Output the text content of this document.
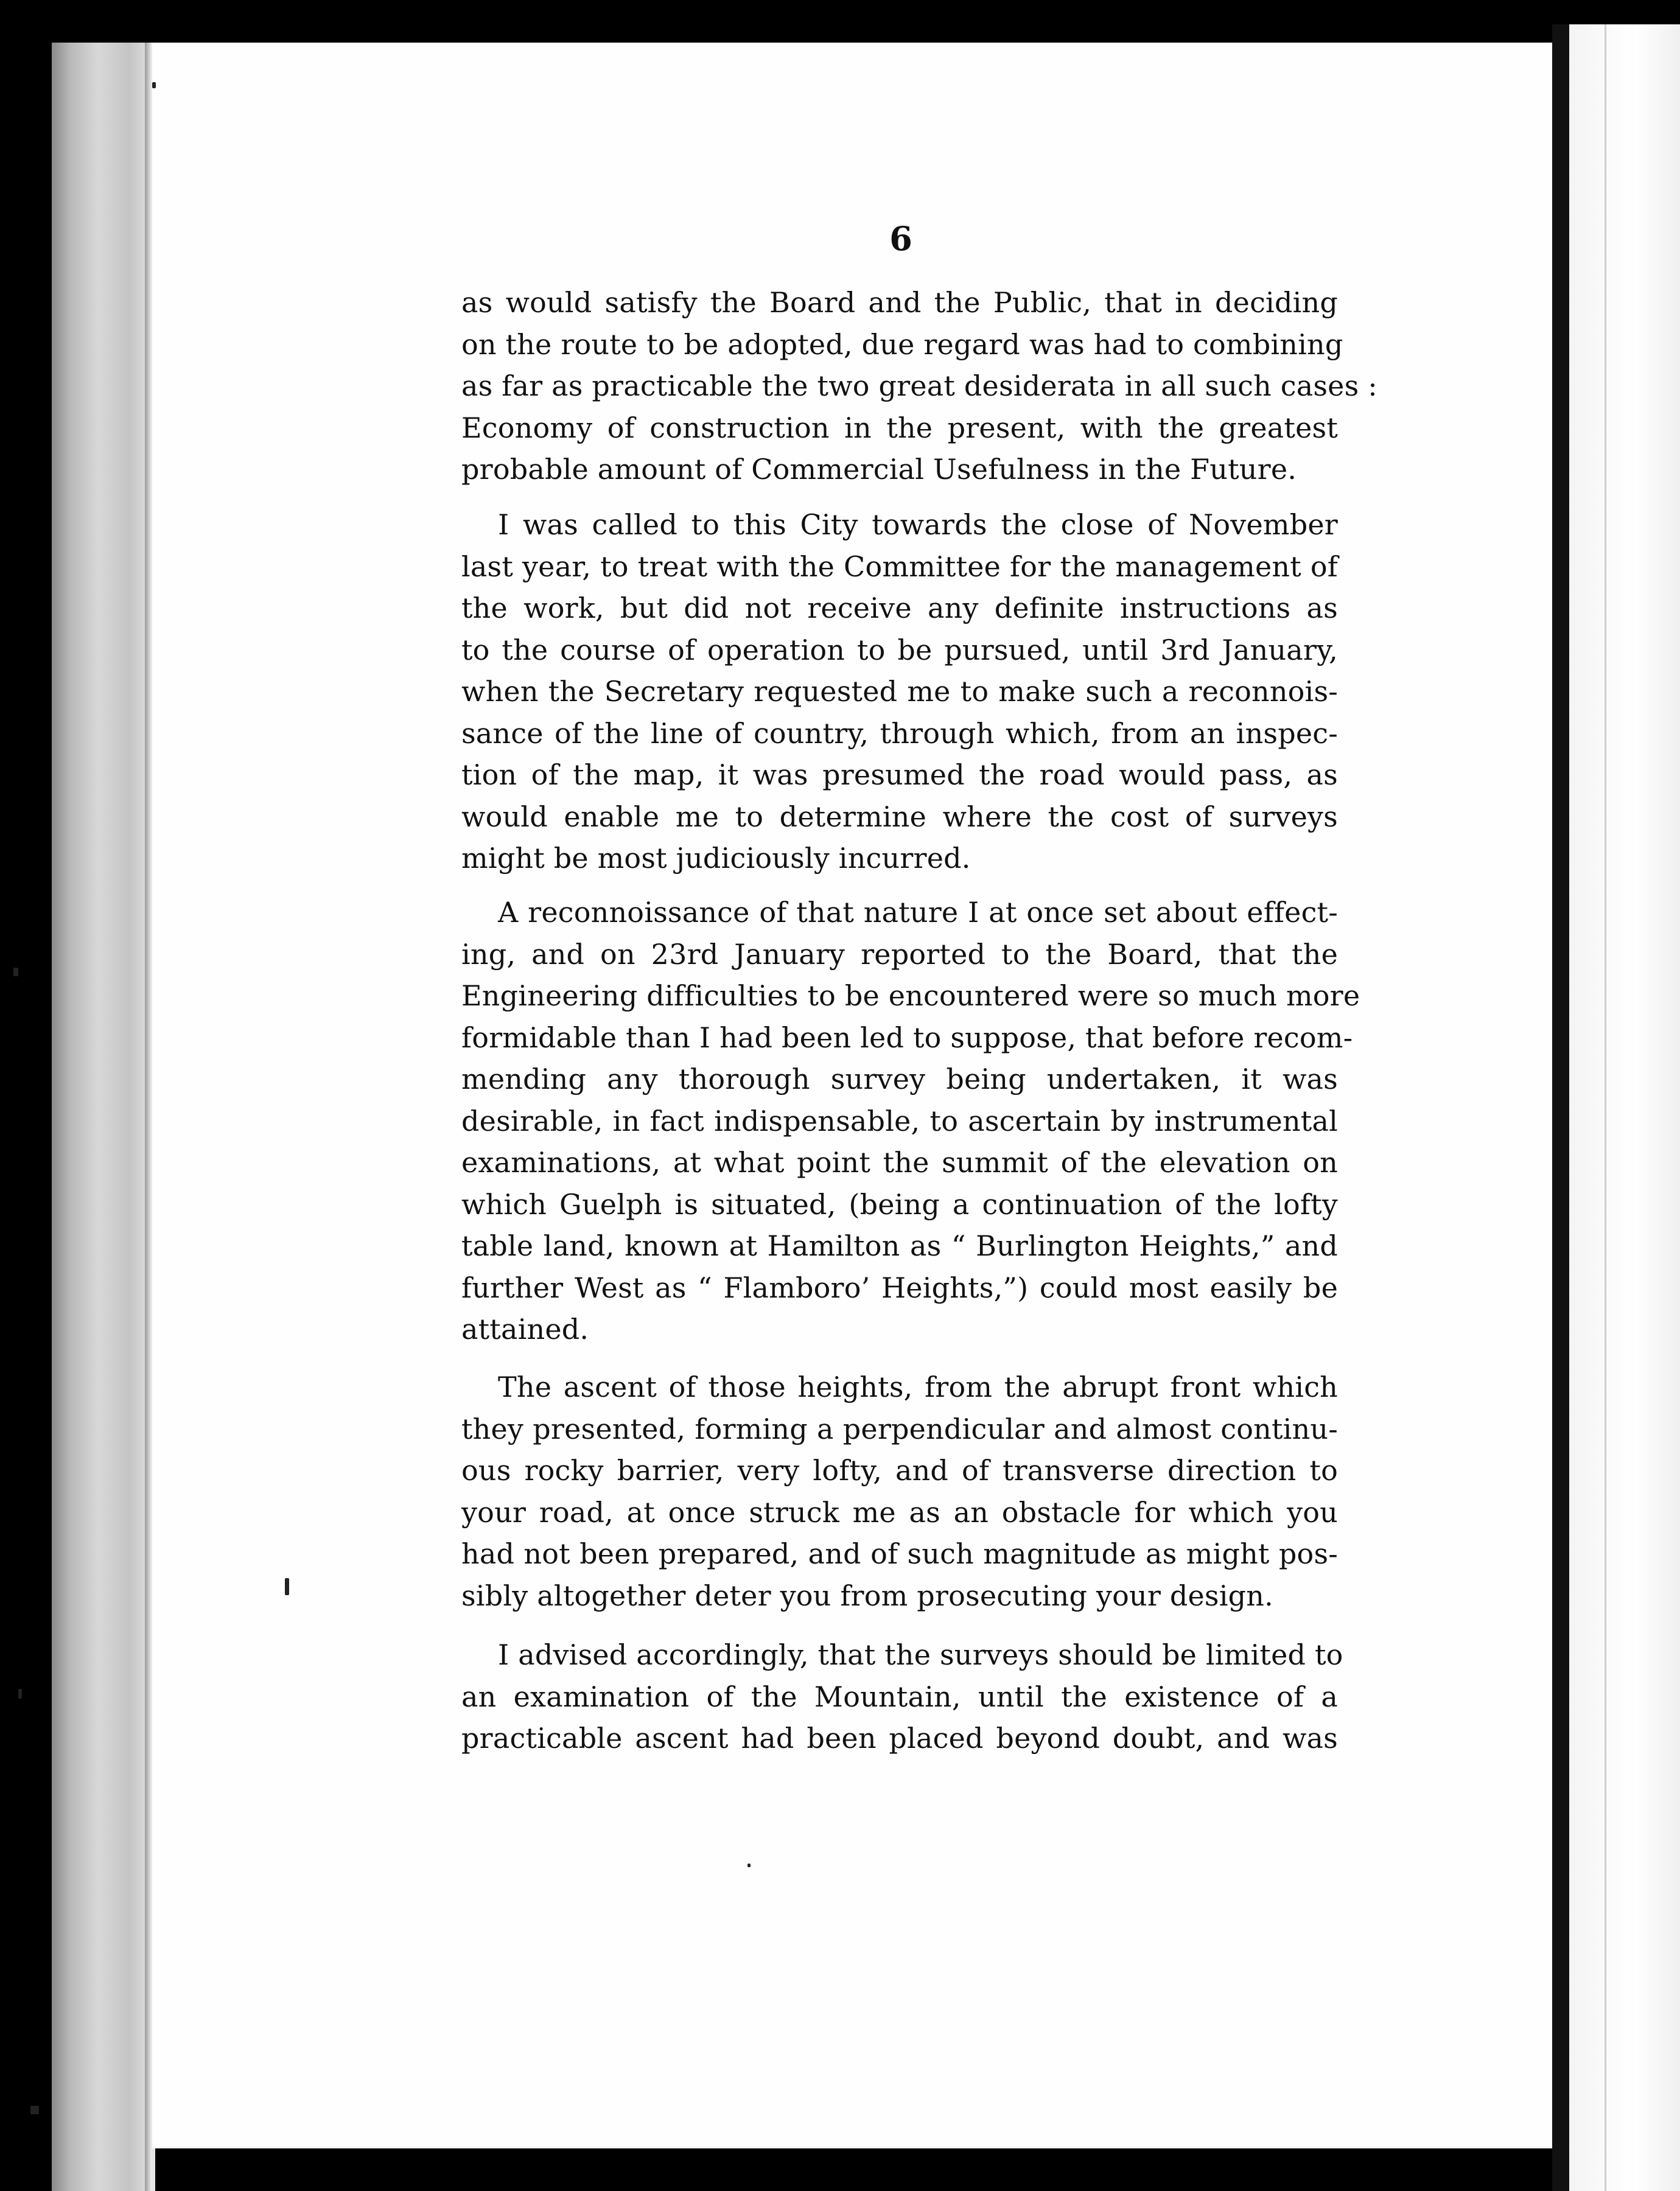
6
as would satisfy the Board and the Public, that in deciding
on the route to be adopted, due regard was had to combining
as far as practicable the two great desiderata in all such cases :
Economy of construction in the present, with the greatest
probable amount of Commercial Usefulness in the Future.
I was called to this City towards the close of November
last year, to treat with the Committee for the management of
the work, but did not receive any definite instructions as
to the course of operation to be pursued, until 3rd January,
when the Secretary requested me to make such a reconnois-
sance of the line of country, through which, from an inspec-
tion of the map, it was presumed the road would pass, as
would enable me to determine where the cost of surveys
might be most judiciously incurred.
A reconnoissance of that nature I at once set about effect-
ing, and on 23rd January reported to the Board, that the
Engineering difficulties to be encountered were so much more
formidable than I had been led to suppose, that before recom-
mending any thorough survey being undertaken, it was
desirable, in fact indispensable, to ascertain by instrumental
examinations, at what point the summit of the elevation on
which Guelph is situated, (being a continuation of the lofty
table land, known at Hamilton as “ Burlington Heights,” and
further West as “ Flamboro’ Heights,”) could most easily be
attained.
The ascent of those heights, from the abrupt front which
they presented, forming a perpendicular and almost continu-
ous rocky barrier, very lofty, and of transverse direction to
your road, at once struck me as an obstacle for which you
had not been prepared, and of such magnitude as might pos-
sibly altogether deter you from prosecuting your design.
I advised accordingly, that the surveys should be limited to
an examination of the Mountain, until the existence of a
practicable ascent had been placed beyond doubt, and was
